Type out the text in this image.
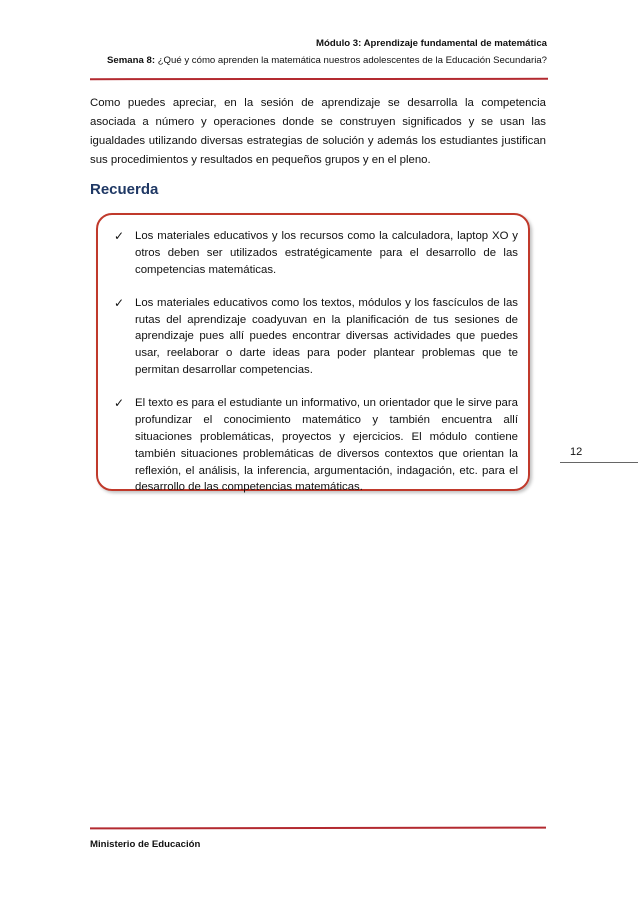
Módulo 3: Aprendizaje fundamental de matemática
Semana 8: ¿Qué y cómo aprenden la matemática nuestros adolescentes de la Educación Secundaria?

Como puedes apreciar, en la sesión de aprendizaje se desarrolla la competencia asociada a número y operaciones donde se construyen significados y se usan las igualdades utilizando diversas estrategias de solución y además los estudiantes justifican sus procedimientos y resultados en pequeños grupos y en el pleno.

Recuerda
✓ Los materiales educativos y los recursos como la calculadora, laptop XO y otros deben ser utilizados estratégicamente para el desarrollo de las competencias matemáticas.
✓ Los materiales educativos como los textos, módulos y los fascículos de las rutas del aprendizaje coadyuvan en la planificación de tus sesiones de aprendizaje pues allí puedes encontrar diversas actividades que puedes usar, reelaborar o darte ideas para poder plantear problemas que te permitan desarrollar competencias.
✓ El texto es para el estudiante un informativo, un orientador que le sirve para profundizar el conocimiento matemático y también encuentra allí situaciones problemáticas, proyectos y ejercicios. El módulo contiene también situaciones problemáticas de diversos contextos que orientan la reflexión, el análisis, la inferencia, argumentación, indagación, etc. para el desarrollo de las competencias matemáticas.
12
Ministerio de Educación
